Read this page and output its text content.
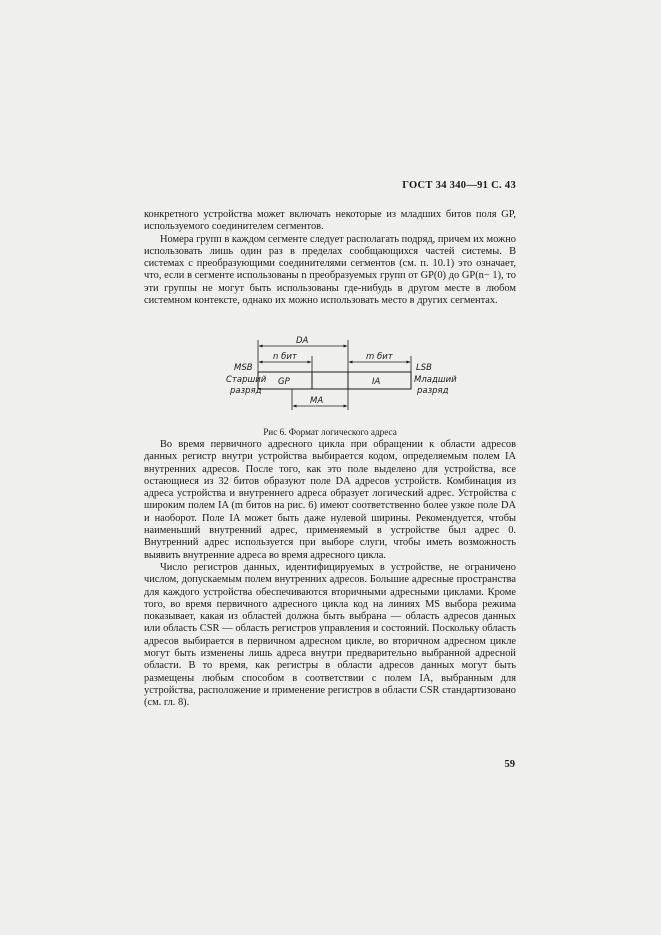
ГОСТ 34 340—91 С. 43

конкретного устройства может включать некоторые из младших битов поля GP, используемого соединителем сегментов.

Номера групп в каждом сегменте следует располагать подряд, причем их можно использовать лишь один раз в пределах сообщающихся частей системы. В системах с преобразующими соединителями сегментов (см. п. 10.1) это означает, что, если в сегменте использованы n преобразуемых групп от GP(0) до GP(n− 1), то эти группы не могут быть использованы где-нибудь в другом месте в любом системном контексте, однако их можно использовать место в других сегментах.

DA
n бит	m бит
GP	IA
MSB
Старший
разряд
LSB
Младший
разряд
MA
Рис 6. Формат логического адреса

Во время первичного адресного цикла при обращении к области адресов данных регистр внутри устройства выбирается кодом, определяемым полем IA внутренних адресов. После того, как это поле выделено для устройства, все остающиеся из 32 битов образуют поле DA адресов устройств. Комбинация из адреса устройства и внутреннего адреса образует логический адрес. Устройства с широким полем IA (m битов на рис. 6) имеют соответственно более узкое поле DA и наоборот. Поле IA может быть даже нулевой ширины. Рекомендуется, чтобы наименьший внутренний адрес, применяемый в устройстве был адрес 0. Внутренний адрес используется при выборе слуги, чтобы иметь возможность выявить внутренние адреса во время адресного цикла.

Число регистров данных, идентифицируемых в устройстве, не ограничено числом, допускаемым полем внутренних адресов. Большие адресные пространства для каждого устройства обеспечиваются вторичными адресными циклами. Кроме того, во время первичного адресного цикла код на линиях MS выбора режима показывает, какая из областей должна быть выбрана — область адресов данных или область CSR — область регистров управления и состояний. Поскольку область адресов выбирается в первичном адресном цикле, во вторичном адресном цикле могут быть изменены лишь адреса внутри предварительно выбранной адресной области. В то время, как регистры в области адресов данных могут быть размещены любым способом в соответствии с полем IA, выбранным для устройства, расположение и применение регистров в области CSR стандартизовано (см. гл. 8).

59
